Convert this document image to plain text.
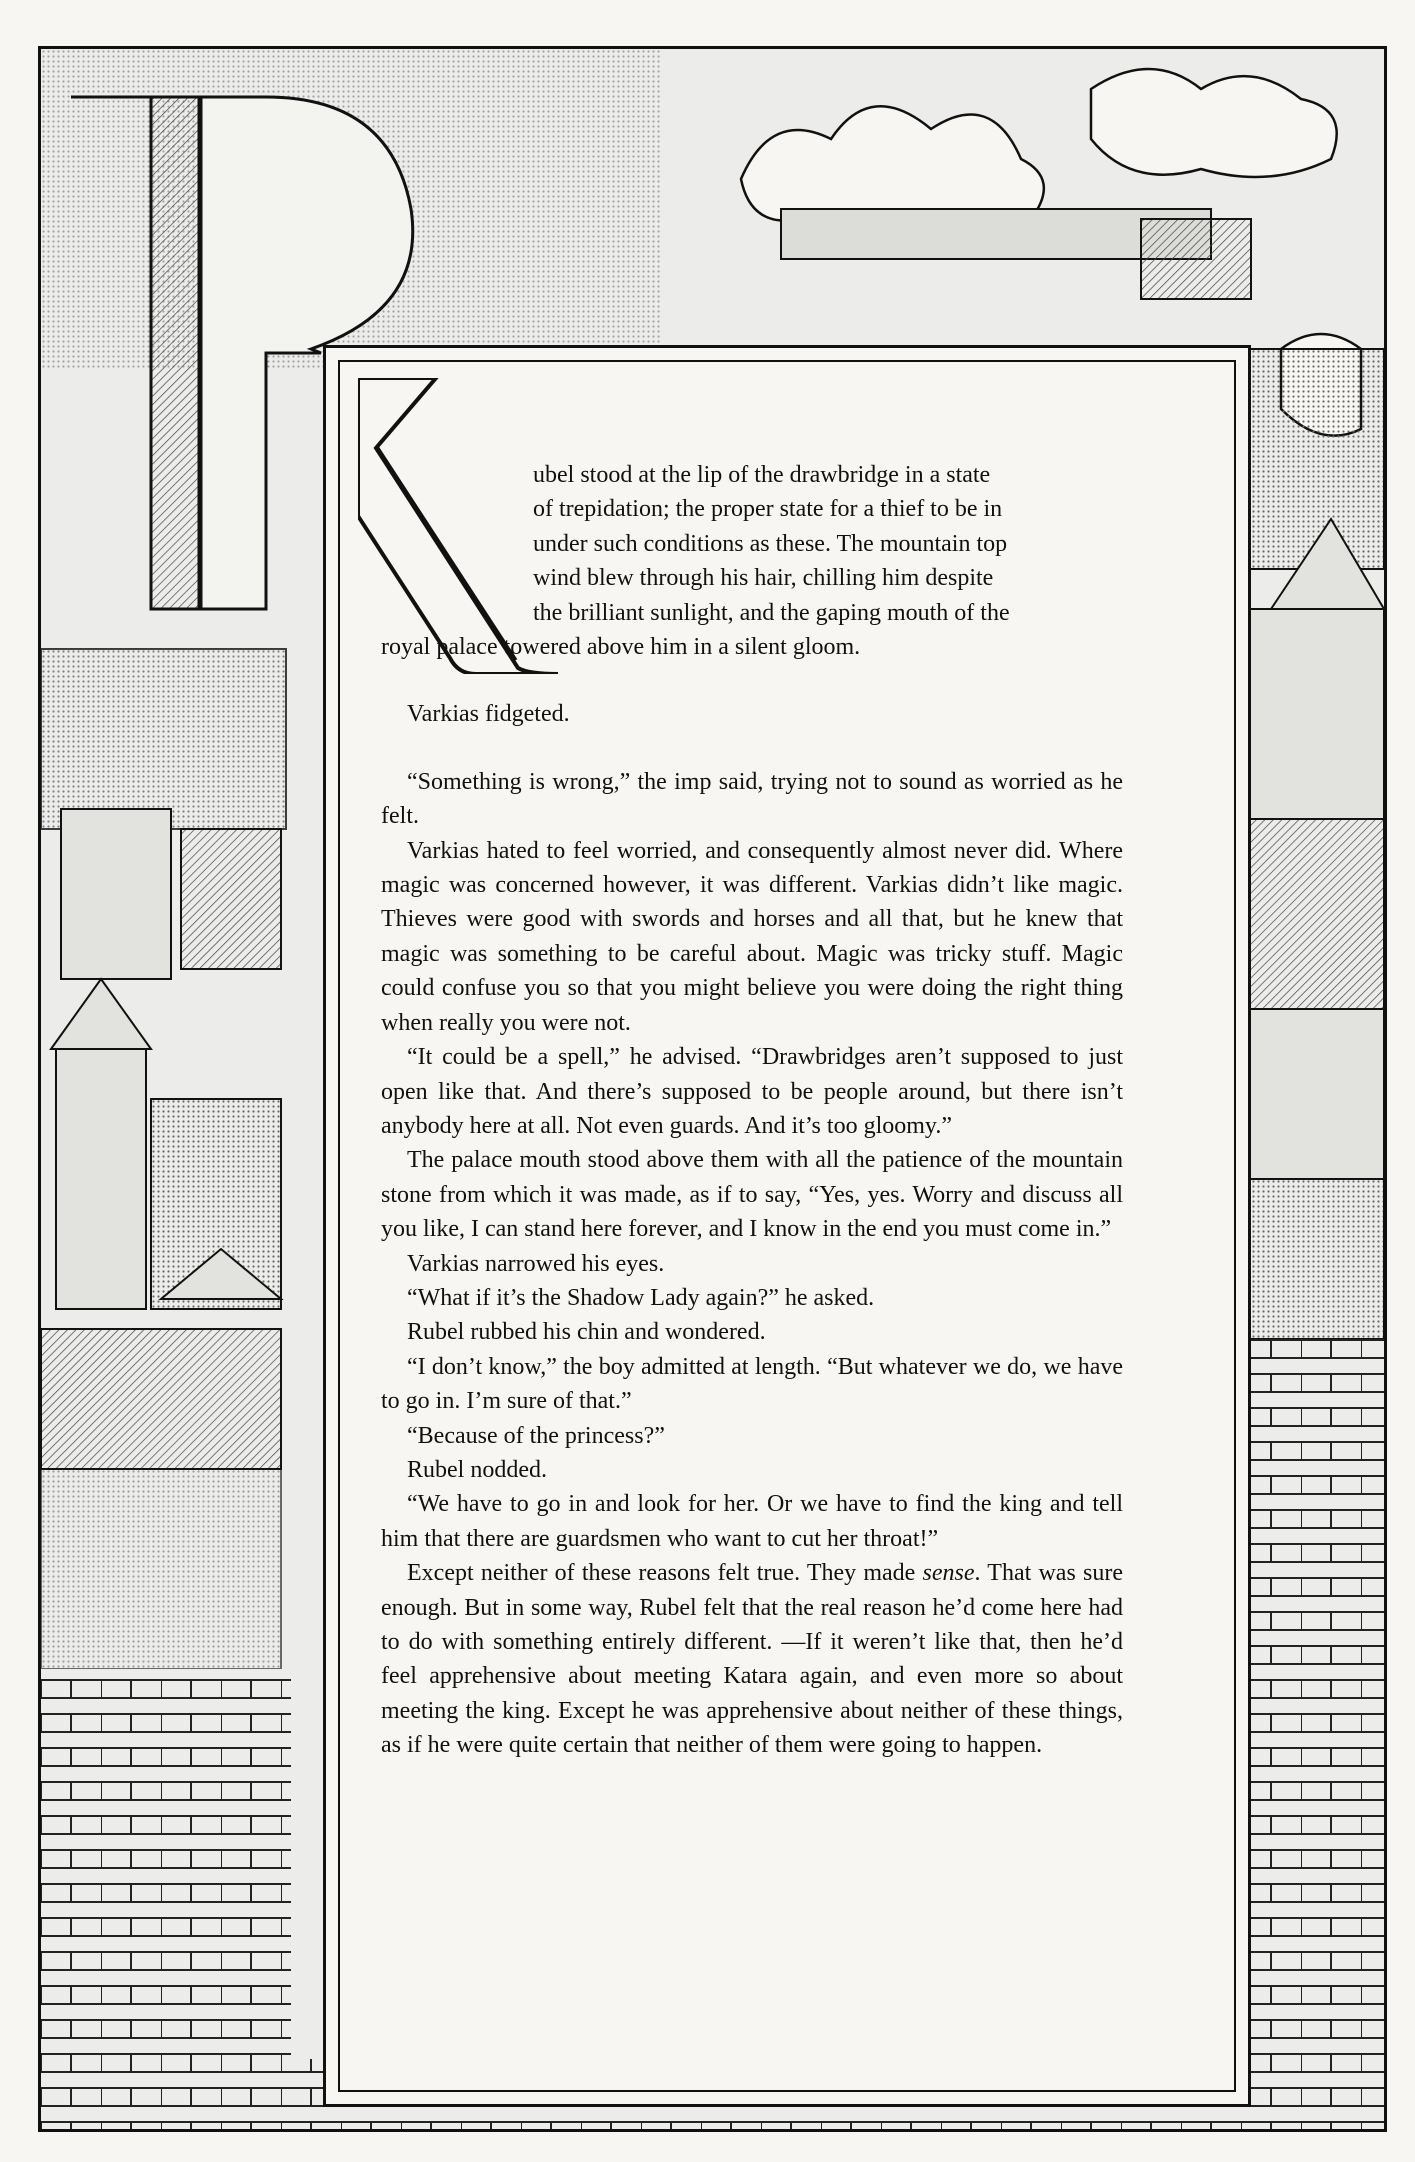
ubel stood at the lip of the drawbridge in a state

of trepidation; the proper state for a thief to be in

under such conditions as these. The mountain top

wind blew through his hair, chilling him despite

the brilliant sunlight, and the gaping mouth of the

royal palace towered above him in a silent gloom.

Varkias fidgeted.

“Something is wrong,” the imp said, trying not to sound as worried as he felt.

Varkias hated to feel worried, and consequently almost never did. Where magic was concerned however, it was different. Varkias didn’t like magic. Thieves were good with swords and horses and all that, but he knew that magic was something to be careful about. Magic was tricky stuff. Magic could confuse you so that you might believe you were doing the right thing when really you were not.

“It could be a spell,” he advised. “Drawbridges aren’t supposed to just open like that. And there’s supposed to be people around, but there isn’t anybody here at all. Not even guards. And it’s too gloomy.”

The palace mouth stood above them with all the patience of the mountain stone from which it was made, as if to say, “Yes, yes. Worry and discuss all you like, I can stand here forever, and I know in the end you must come in.”

Varkias narrowed his eyes.

“What if it’s the Shadow Lady again?” he asked.

Rubel rubbed his chin and wondered.

“I don’t know,” the boy admitted at length. “But whatever we do, we have to go in. I’m sure of that.”

“Because of the princess?”

Rubel nodded.

“We have to go in and look for her. Or we have to find the king and tell him that there are guardsmen who want to cut her throat!”

Except neither of these reasons felt true. They made sense. That was sure enough. But in some way, Rubel felt that the real reason he’d come here had to do with something entirely different. —If it weren’t like that, then he’d feel apprehensive about meeting Katara again, and even more so about meeting the king. Except he was apprehensive about neither of these things, as if he were quite certain that neither of them were going to happen.
